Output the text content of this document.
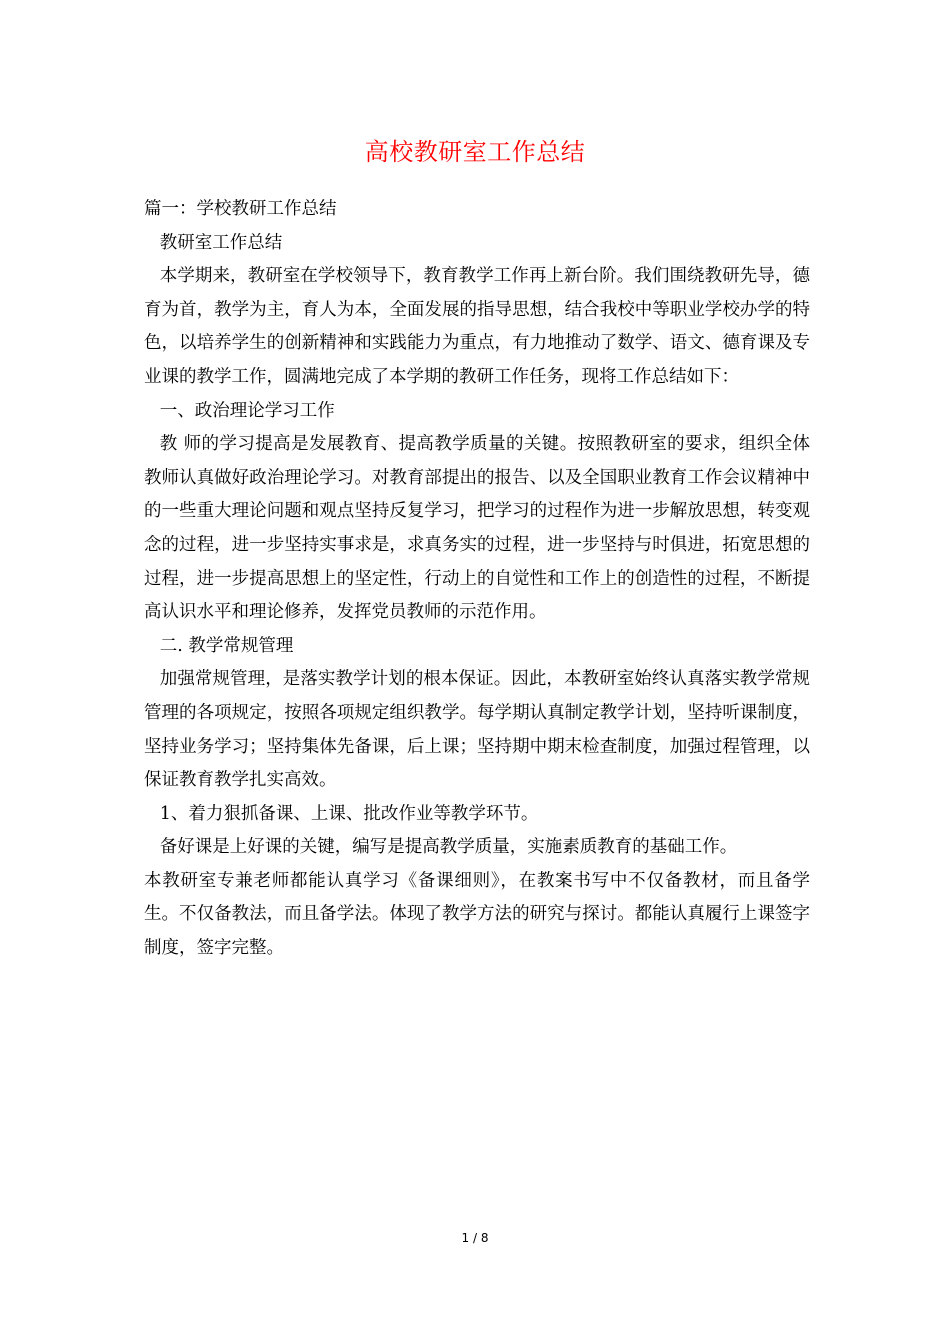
高校教研室工作总结

篇一：学校教研工作总结

教研室工作总结

本学期来，教研室在学校领导下，教育教学工作再上新台阶。我们围绕教研先导，德育为首，教学为主，育人为本，全面发展的指导思想，结合我校中等职业学校办学的特色，以培养学生的创新精神和实践能力为重点，有力地推动了数学、语文、德育课及专业课的教学工作，圆满地完成了本学期的教研工作任务，现将工作总结如下：

一、政治理论学习工作

教 师的学习提高是发展教育、提高教学质量的关键。按照教研室的要求，组织全体教师认真做好政治理论学习。对教育部提出的报告、以及全国职业教育工作会议精神中的一些重大理论问题和观点坚持反复学习，把学习的过程作为进一步解放思想，转变观念的过程，进一步坚持实事求是，求真务实的过程，进一步坚持与时俱进，拓宽思想的过程，进一步提高思想上的坚定性，行动上的自觉性和工作上的创造性的过程，不断提高认识水平和理论修养，发挥党员教师的示范作用。

二. 教学常规管理

加强常规管理，是落实教学计划的根本保证。因此，本教研室始终认真落实教学常规管理的各项规定，按照各项规定组织教学。每学期认真制定教学计划，坚持听课制度，坚持业务学习；坚持集体先备课，后上课；坚持期中期末检查制度，加强过程管理，以保证教育教学扎实高效。

1、着力狠抓备课、上课、批改作业等教学环节。

备好课是上好课的关键，编写是提高教学质量，实施素质教育的基础工作。

本教研室专兼老师都能认真学习《备课细则》，在教案书写中不仅备教材，而且备学生。不仅备教法，而且备学法。体现了教学方法的研究与探讨。都能认真履行上课签字制度，签字完整。

1 / 8
